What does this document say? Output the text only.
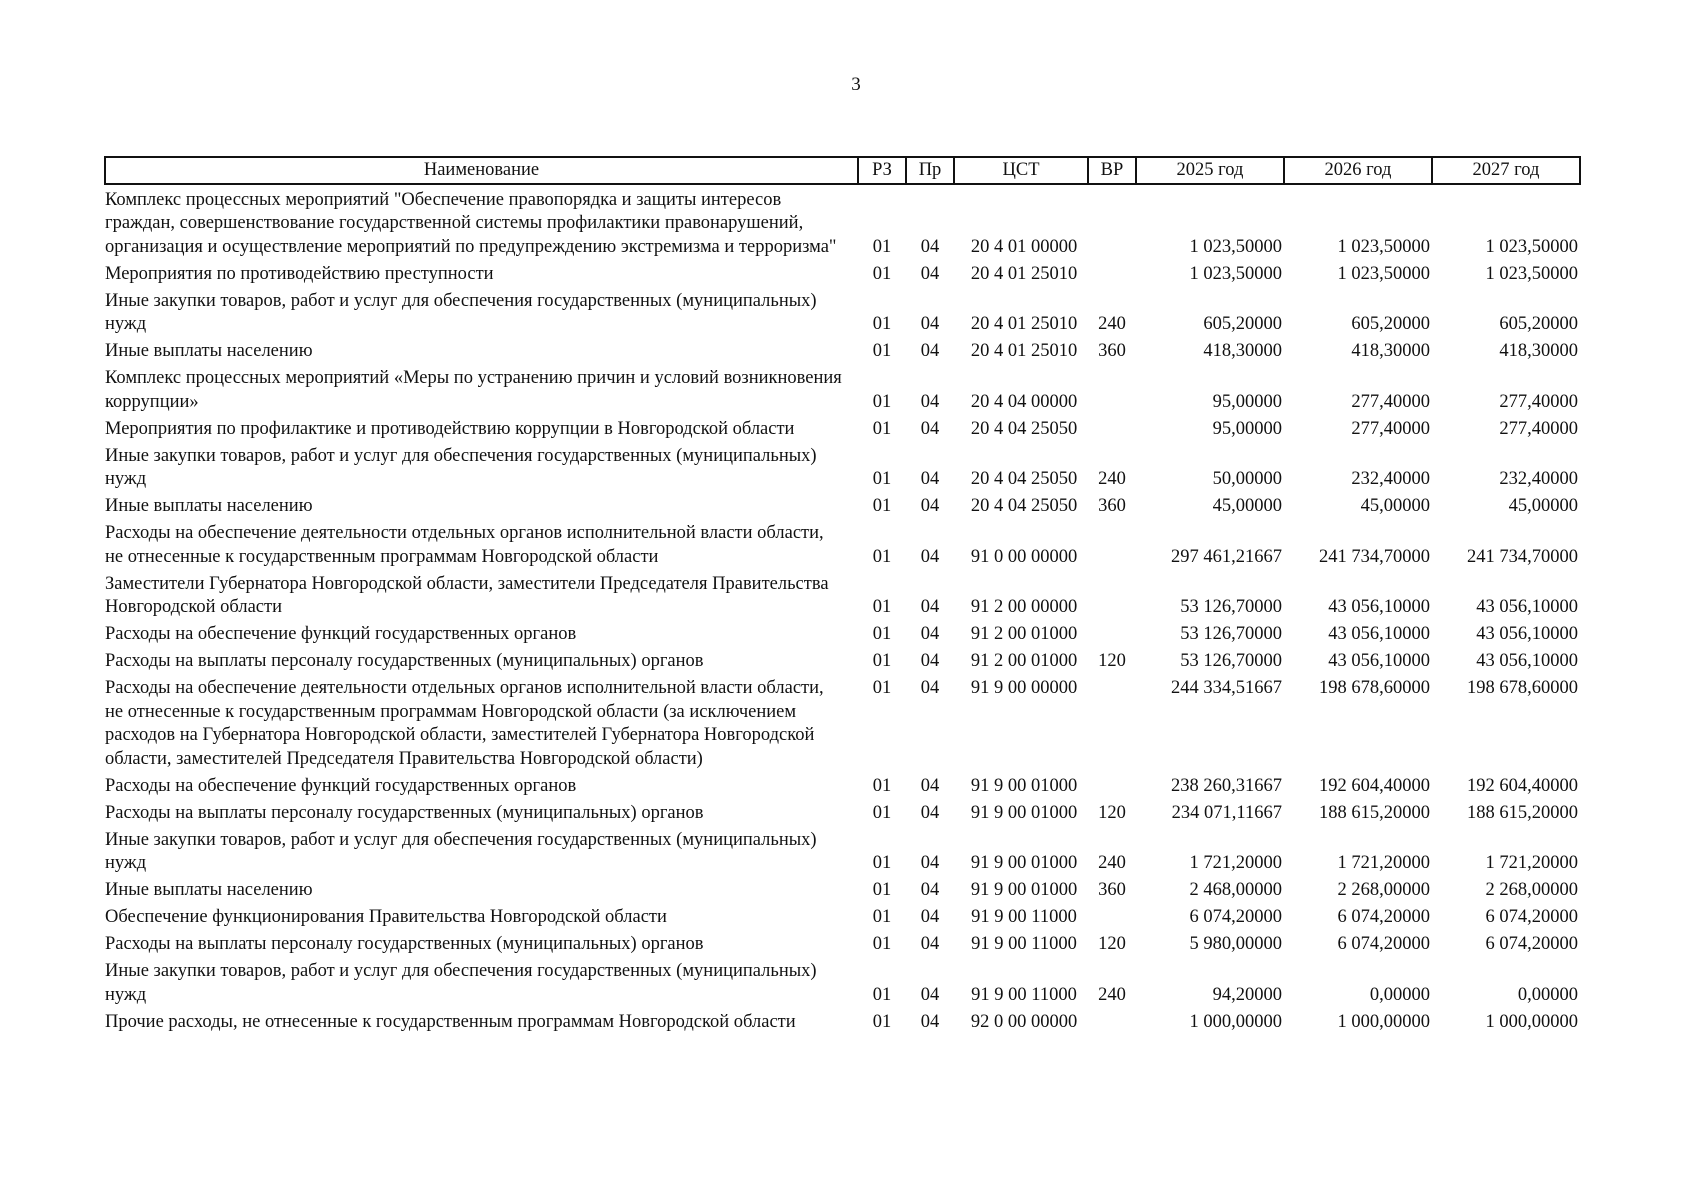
3
Наименование	РЗ	Пр	ЦСТ	ВР	2025 год	2026 год	2027 год
Комплекс процессных мероприятий "Обеспечение правопорядка и защиты интересов граждан, совершенствование государственной системы профилактики правонарушений, организация и осуществление мероприятий по предупреждению экстремизма и терроризма"	01	04	20 4 01 00000		1 023,50000	1 023,50000	1 023,50000
Мероприятия по противодействию преступности	01	04	20 4 01 25010		1 023,50000	1 023,50000	1 023,50000
Иные закупки товаров, работ и услуг для обеспечения государственных (муниципальных) нужд	01	04	20 4 01 25010	240	605,20000	605,20000	605,20000
Иные выплаты населению	01	04	20 4 01 25010	360	418,30000	418,30000	418,30000
Комплекс процессных мероприятий «Меры по устранению причин и условий возникновения коррупции»	01	04	20 4 04 00000		95,00000	277,40000	277,40000
Мероприятия по профилактике и противодействию коррупции в Новгородской области	01	04	20 4 04 25050		95,00000	277,40000	277,40000
Иные закупки товаров, работ и услуг для обеспечения государственных (муниципальных) нужд	01	04	20 4 04 25050	240	50,00000	232,40000	232,40000
Иные выплаты населению	01	04	20 4 04 25050	360	45,00000	45,00000	45,00000
Расходы на обеспечение деятельности отдельных органов исполнительной власти области, не отнесенные к государственным программам Новгородской области	01	04	91 0 00 00000		297 461,21667	241 734,70000	241 734,70000
Заместители Губернатора Новгородской области, заместители Председателя Правительства Новгородской области	01	04	91 2 00 00000		53 126,70000	43 056,10000	43 056,10000
Расходы на обеспечение функций государственных органов	01	04	91 2 00 01000		53 126,70000	43 056,10000	43 056,10000
Расходы на выплаты персоналу государственных (муниципальных) органов	01	04	91 2 00 01000	120	53 126,70000	43 056,10000	43 056,10000
Расходы на обеспечение деятельности отдельных органов исполнительной власти области, не отнесенные к государственным программам Новгородской области (за исключением расходов на Губернатора Новгородской области, заместителей Губернатора Новгородской области, заместителей Председателя Правительства Новгородской области)	01	04	91 9 00 00000		244 334,51667	198 678,60000	198 678,60000
Расходы на обеспечение функций государственных органов	01	04	91 9 00 01000		238 260,31667	192 604,40000	192 604,40000
Расходы на выплаты персоналу государственных (муниципальных) органов	01	04	91 9 00 01000	120	234 071,11667	188 615,20000	188 615,20000
Иные закупки товаров, работ и услуг для обеспечения государственных (муниципальных) нужд	01	04	91 9 00 01000	240	1 721,20000	1 721,20000	1 721,20000
Иные выплаты населению	01	04	91 9 00 01000	360	2 468,00000	2 268,00000	2 268,00000
Обеспечение функционирования Правительства Новгородской области	01	04	91 9 00 11000		6 074,20000	6 074,20000	6 074,20000
Расходы на выплаты персоналу государственных (муниципальных) органов	01	04	91 9 00 11000	120	5 980,00000	6 074,20000	6 074,20000
Иные закупки товаров, работ и услуг для обеспечения государственных (муниципальных) нужд	01	04	91 9 00 11000	240	94,20000	0,00000	0,00000
Прочие расходы, не отнесенные к государственным программам Новгородской области	01	04	92 0 00 00000		1 000,00000	1 000,00000	1 000,00000
